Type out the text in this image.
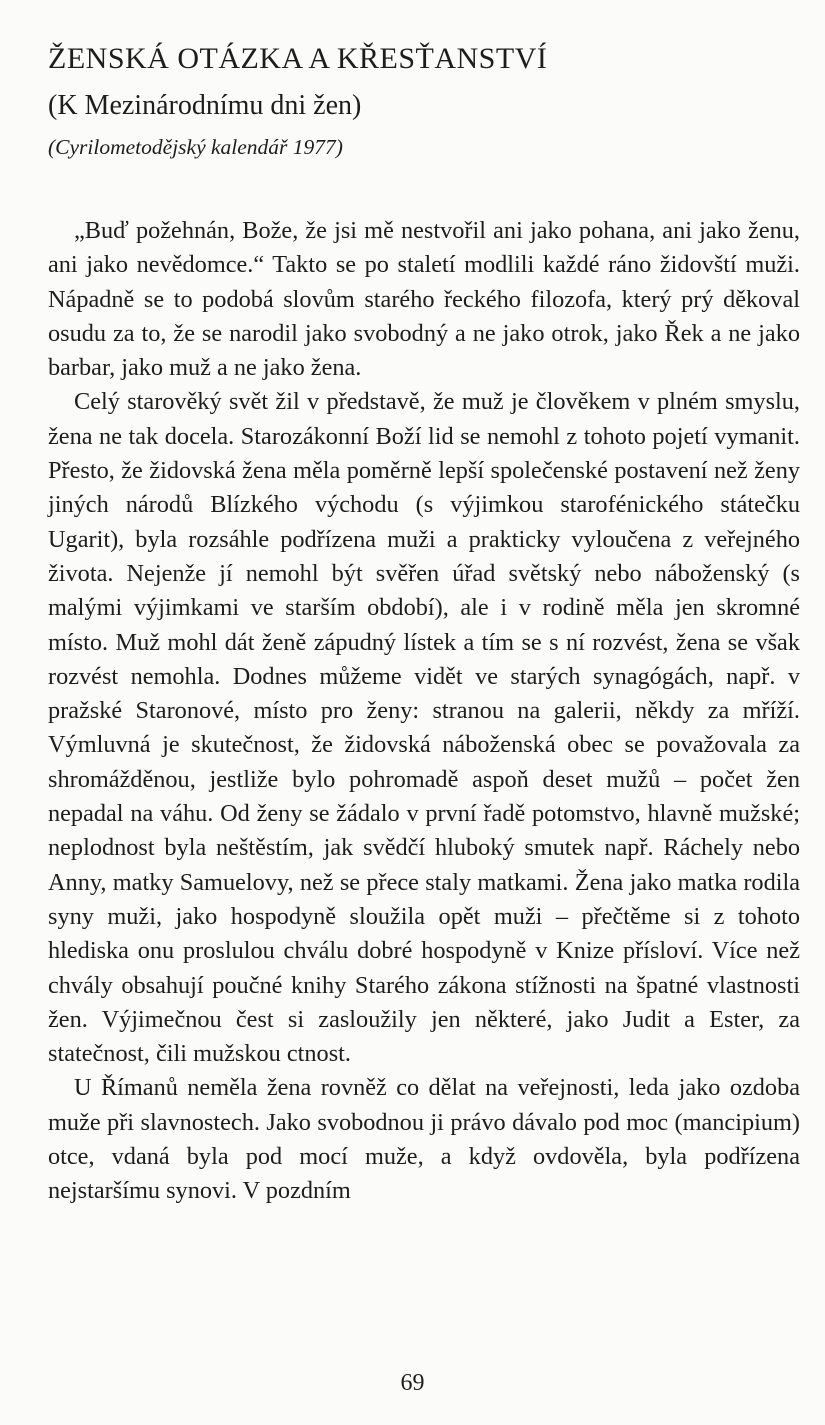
ŽENSKÁ OTÁZKA A KŘESŤANSTVÍ
(K Mezinárodnímu dni žen)

(Cyrilometodějský kalendář 1977)

„Buď požehnán, Bože, že jsi mě nestvořil ani jako pohana, ani jako ženu, ani jako nevědomce.“ Takto se po staletí modlili každé ráno židovští muži. Nápadně se to podobá slovům starého řeckého filozofa, který prý děkoval osudu za to, že se narodil jako svobodný a ne jako otrok, jako Řek a ne jako barbar, jako muž a ne jako žena.

Celý starověký svět žil v představě, že muž je člověkem v plném smyslu, žena ne tak docela. Starozákonní Boží lid se nemohl z tohoto pojetí vymanit. Přesto, že židovská žena měla poměrně lepší společenské postavení než ženy jiných národů Blízkého východu (s výjimkou starofénického státečku Ugarit), byla rozsáhle podřízena muži a prakticky vyloučena z veřejného života. Nejenže jí nemohl být svěřen úřad světský nebo náboženský (s malými výjimkami ve starším období), ale i v rodině měla jen skromné místo. Muž mohl dát ženě zápudný lístek a tím se s ní rozvést, žena se však rozvést nemohla. Dodnes můžeme vidět ve starých synagógách, např. v pražské Staronové, místo pro ženy: stranou na galerii, někdy za mříží. Výmluvná je skutečnost, že židovská náboženská obec se považovala za shromážděnou, jestliže bylo pohromadě aspoň deset mužů – počet žen nepadal na váhu. Od ženy se žádalo v první řadě potomstvo, hlavně mužské; neplodnost byla neštěstím, jak svědčí hluboký smutek např. Ráchely nebo Anny, matky Samuelovy, než se přece staly matkami. Žena jako matka rodila syny muži, jako hospodyně sloužila opět muži – přečtěme si z tohoto hlediska onu proslulou chválu dobré hospodyně v Knize přísloví. Více než chvály obsahují poučné knihy Starého zákona stížnosti na špatné vlastnosti žen. Výjimečnou čest si zasloužily jen některé, jako Judit a Ester, za statečnost, čili mužskou ctnost.

U Římanů neměla žena rovněž co dělat na veřejnosti, leda jako ozdoba muže při slavnostech. Jako svobodnou ji právo dávalo pod moc (mancipium) otce, vdaná byla pod mocí muže, a když ovdověla, byla podřízena nejstaršímu synovi. V pozdním

69
